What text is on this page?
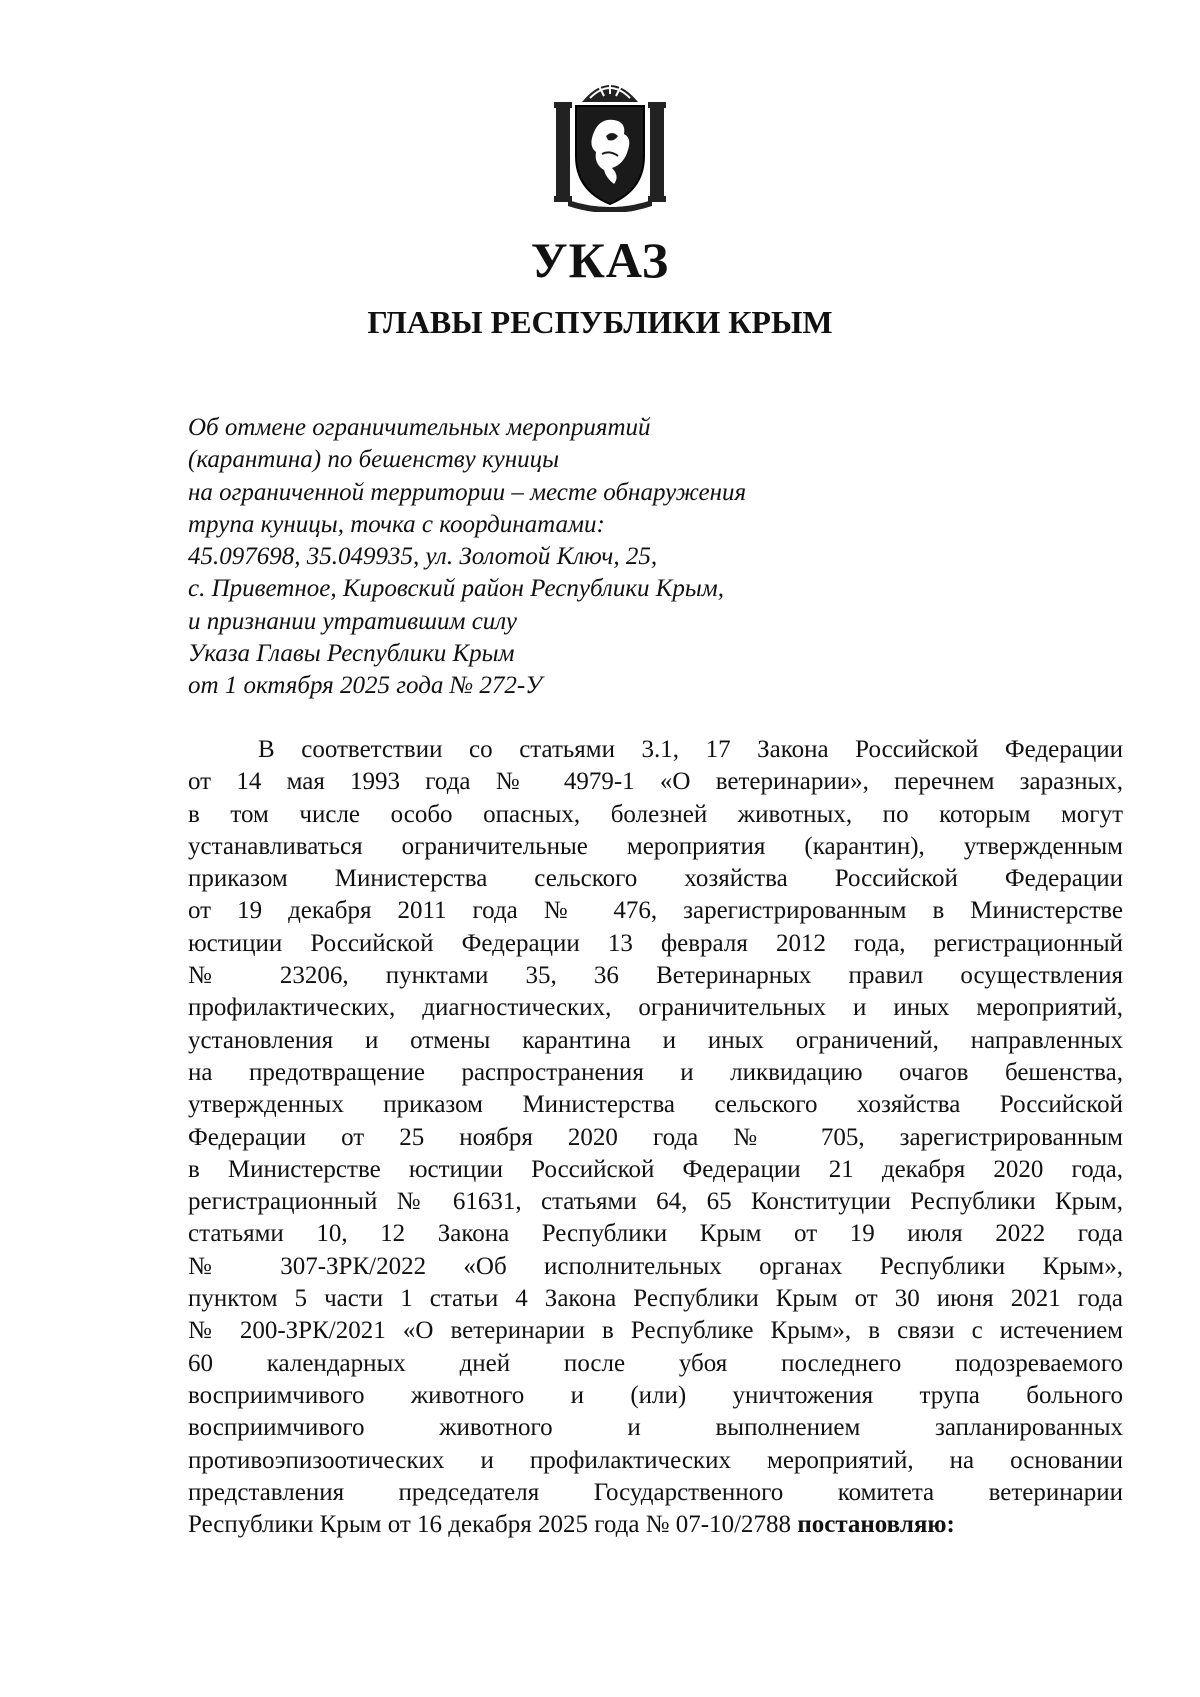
УКАЗ
ГЛАВЫ РЕСПУБЛИКИ КРЫМ
Об отмене ограничительных мероприятий
(карантина) по бешенству куницы
на ограниченной территории – месте обнаружения
трупа куницы, точка с координатами:
45.097698, 35.049935, ул. Золотой Ключ, 25,
с. Приветное, Кировский район Республики Крым,
и признании утратившим силу
Указа Главы Республики Крым
от 1 октября 2025 года № 272-У
В соответствии со статьями 3.1, 17 Закона Российской Федерации
от 14 мая 1993 года № 4979-1 «О ветеринарии», перечнем заразных,
в том числе особо опасных, болезней животных, по которым могут
устанавливаться ограничительные мероприятия (карантин), утвержденным
приказом Министерства сельского хозяйства Российской Федерации
от 19 декабря 2011 года № 476, зарегистрированным в Министерстве
юстиции Российской Федерации 13 февраля 2012 года, регистрационный
№ 23206, пунктами 35, 36 Ветеринарных правил осуществления
профилактических, диагностических, ограничительных и иных мероприятий,
установления и отмены карантина и иных ограничений, направленных
на предотвращение распространения и ликвидацию очагов бешенства,
утвержденных приказом Министерства сельского хозяйства Российской
Федерации от 25 ноября 2020 года № 705, зарегистрированным
в Министерстве юстиции Российской Федерации 21 декабря 2020 года,
регистрационный № 61631, статьями 64, 65 Конституции Республики Крым,
статьями 10, 12 Закона Республики Крым от 19 июля 2022 года
№ 307-ЗРК/2022 «Об исполнительных органах Республики Крым»,
пунктом 5 части 1 статьи 4 Закона Республики Крым от 30 июня 2021 года
№ 200-ЗРК/2021 «О ветеринарии в Республике Крым», в связи с истечением
60 календарных дней после убоя последнего подозреваемого
восприимчивого животного и (или) уничтожения трупа больного
восприимчивого животного и выполнением запланированных
противоэпизоотических и профилактических мероприятий, на основании
представления председателя Государственного комитета ветеринарии
Республики Крым от 16 декабря 2025 года № 07-10/2788 постановляю:
